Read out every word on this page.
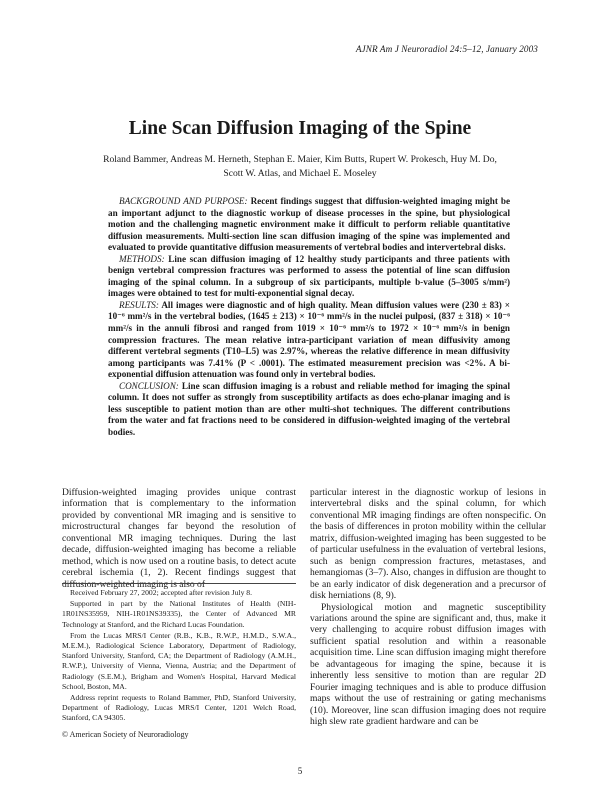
AJNR Am J Neuroradiol 24:5–12, January 2003
Line Scan Diffusion Imaging of the Spine
Roland Bammer, Andreas M. Herneth, Stephan E. Maier, Kim Butts, Rupert W. Prokesch, Huy M. Do, Scott W. Atlas, and Michael E. Moseley

BACKGROUND AND PURPOSE: Recent findings suggest that diffusion-weighted imaging might be an important adjunct to the diagnostic workup of disease processes in the spine, but physiological motion and the challenging magnetic environment make it difficult to perform reliable quantitative diffusion measurements. Multi-section line scan diffusion imaging of the spine was implemented and evaluated to provide quantitative diffusion measurements of vertebral bodies and intervertebral disks.

METHODS: Line scan diffusion imaging of 12 healthy study participants and three patients with benign vertebral compression fractures was performed to assess the potential of line scan diffusion imaging of the spinal column. In a subgroup of six participants, multiple b-value (5–3005 s/mm²) images were obtained to test for multi-exponential signal decay.

RESULTS: All images were diagnostic and of high quality. Mean diffusion values were (230 ± 83) × 10⁻⁶ mm²/s in the vertebral bodies, (1645 ± 213) × 10⁻⁶ mm²/s in the nuclei pulposi, (837 ± 318) × 10⁻⁶ mm²/s in the annuli fibrosi and ranged from 1019 × 10⁻⁶ mm²/s to 1972 × 10⁻⁶ mm²/s in benign compression fractures. The mean relative intra-participant variation of mean diffusivity among different vertebral segments (T10–L5) was 2.97%, whereas the relative difference in mean diffusivity among participants was 7.41% (P < .0001). The estimated measurement precision was <2%. A bi-exponential diffusion attenuation was found only in vertebral bodies.

CONCLUSION: Line scan diffusion imaging is a robust and reliable method for imaging the spinal column. It does not suffer as strongly from susceptibility artifacts as does echo-planar imaging and is less susceptible to patient motion than are other multi-shot techniques. The different contributions from the water and fat fractions need to be considered in diffusion-weighted imaging of the vertebral bodies.

Diffusion-weighted imaging provides unique contrast information that is complementary to the information provided by conventional MR imaging and is sensitive to microstructural changes far beyond the resolution of conventional MR imaging techniques. During the last decade, diffusion-weighted imaging has become a reliable method, which is now used on a routine basis, to detect acute cerebral ischemia (1, 2). Recent findings suggest that diffusion-weighted imaging is also of

Received February 27, 2002; accepted after revision July 8.

Supported in part by the National Institutes of Health (NIH-1R01NS35959, NIH-1R01NS39335), the Center of Advanced MR Technology at Stanford, and the Richard Lucas Foundation.

From the Lucas MRS/I Center (R.B., K.B., R.W.P., H.M.D., S.W.A., M.E.M.), Radiological Science Laboratory, Department of Radiology, Stanford University, Stanford, CA; the Department of Radiology (A.M.H., R.W.P.), University of Vienna, Vienna, Austria; and the Department of Radiology (S.E.M.), Brigham and Women's Hospital, Harvard Medical School, Boston, MA.

Address reprint requests to Roland Bammer, PhD, Stanford University, Department of Radiology, Lucas MRS/I Center, 1201 Welch Road, Stanford, CA 94305.

© American Society of Neuroradiology

particular interest in the diagnostic workup of lesions in intervertebral disks and the spinal column, for which conventional MR imaging findings are often nonspecific. On the basis of differences in proton mobility within the cellular matrix, diffusion-weighted imaging has been suggested to be of particular usefulness in the evaluation of vertebral lesions, such as benign compression fractures, metastases, and hemangiomas (3–7). Also, changes in diffusion are thought to be an early indicator of disk degeneration and a precursor of disk herniations (8, 9).

Physiological motion and magnetic susceptibility variations around the spine are significant and, thus, make it very challenging to acquire robust diffusion images with sufficient spatial resolution and within a reasonable acquisition time. Line scan diffusion imaging might therefore be advantageous for imaging the spine, because it is inherently less sensitive to motion than are regular 2D Fourier imaging techniques and is able to produce diffusion maps without the use of restraining or gating mechanisms (10). Moreover, line scan diffusion imaging does not require high slew rate gradient hardware and can be

5
